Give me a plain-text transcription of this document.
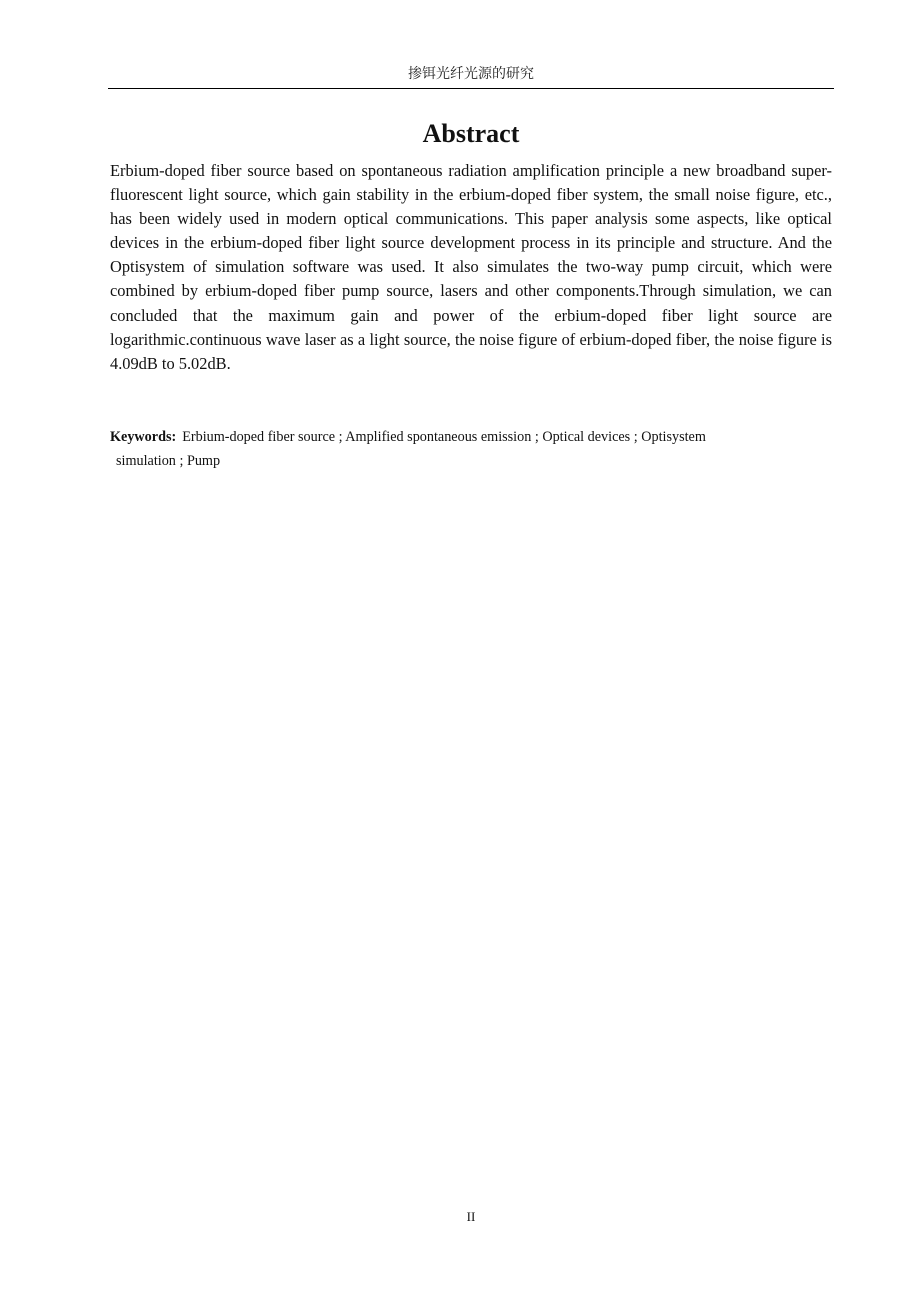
掺铒光纤光源的研究
Abstract

Erbium-doped fiber source based on spontaneous radiation amplification principle a new broadband super-fluorescent light source, which gain stability in the erbium-doped fiber system, the small noise figure, etc., has been widely used in modern optical communications. This paper analysis some aspects, like optical devices in the erbium-doped fiber light source development process in its principle and structure. And the Optisystem of simulation software was used. It also simulates the two-way pump circuit, which were combined by erbium-doped fiber pump source, lasers and other components.Through simulation, we can concluded that the maximum gain and power of the erbium-doped fiber light source are logarithmic.continuous wave laser as a light source, the noise figure of erbium-doped fiber, the noise figure is 4.09dB to 5.02dB.

Keywords: Erbium-doped fiber source ; Amplified spontaneous emission ; Optical devices ; Optisystem
simulation ; Pump

II
